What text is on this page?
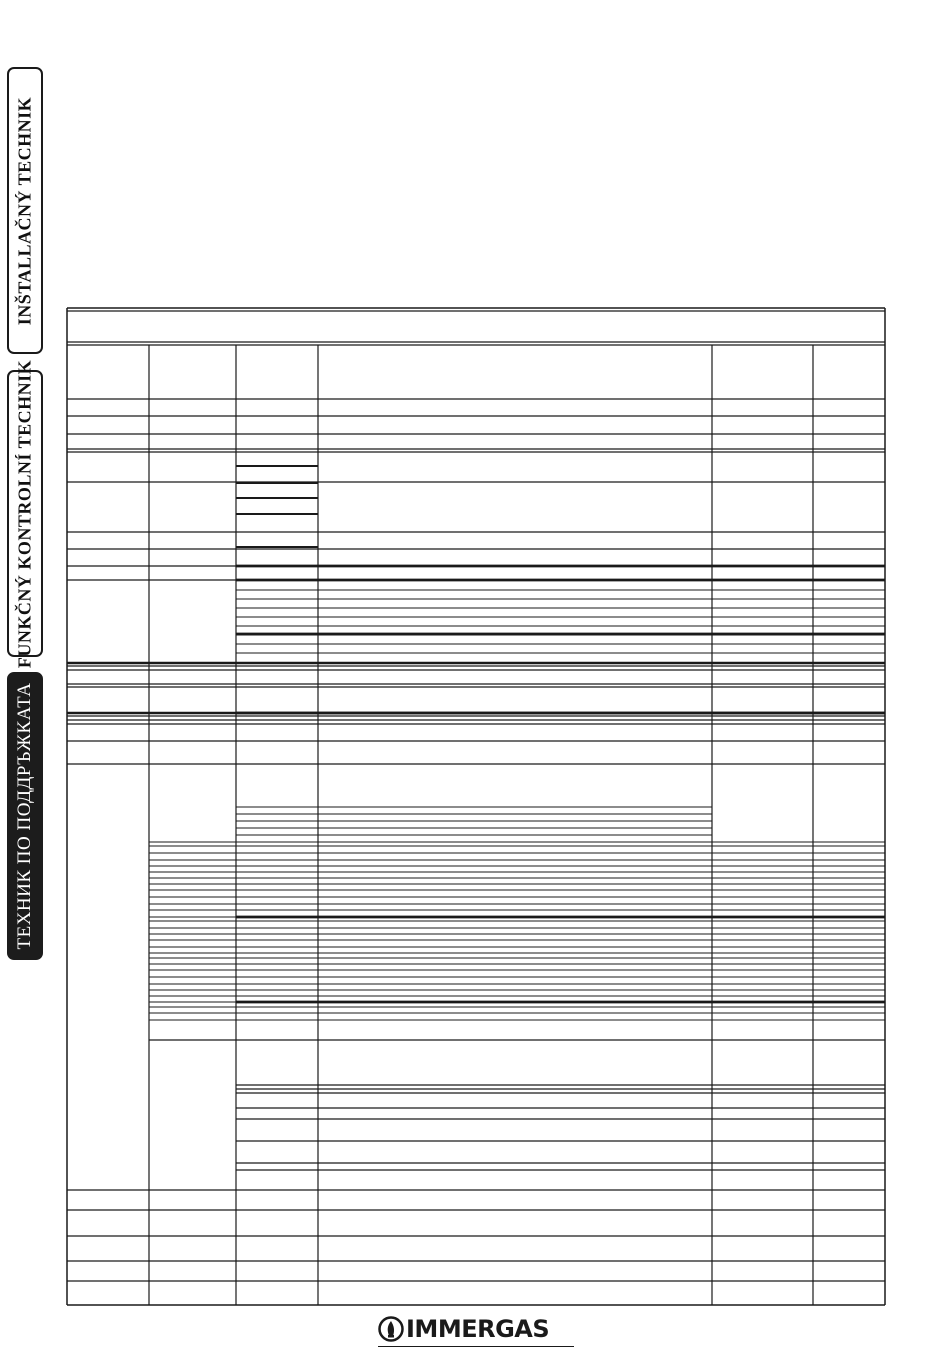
INŠTALLAČNÝ TECHNIK
FUNKČNÝ KONTROLNÍ TECHNIK
ТЕХНИК ПО ПОДДРЪЖКАТА
IMMERGAS
